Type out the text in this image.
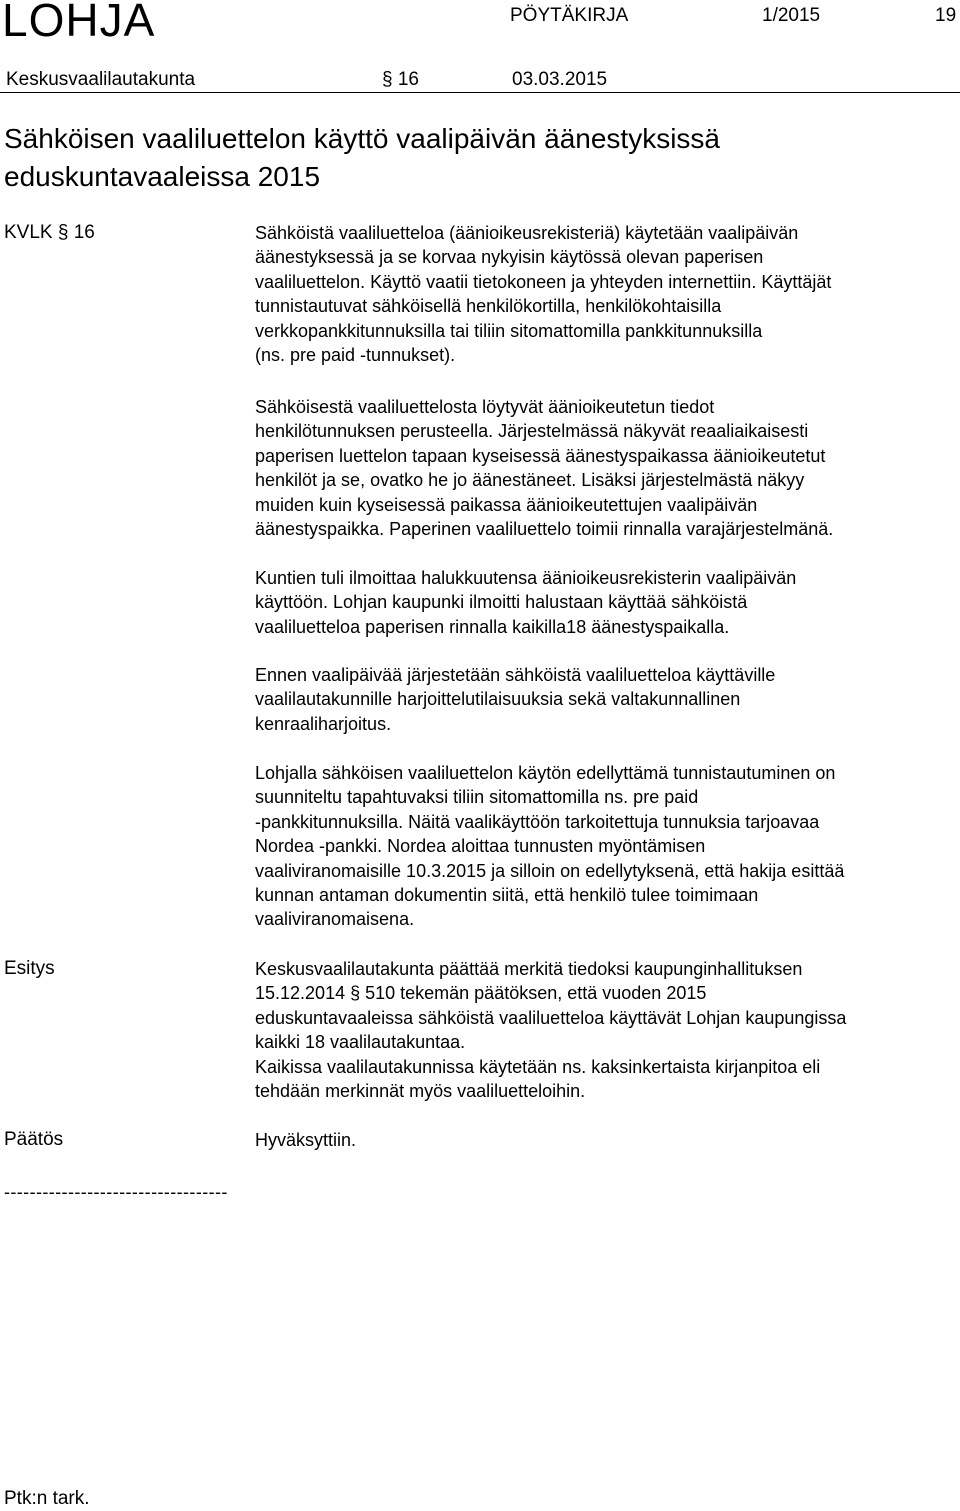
LOHJA	PÖYTÄKIRJA	1/2015	19
Keskusvaalilautakunta	§ 16	03.03.2015
Sähköisen vaaliluettelon käyttö vaalipäivän äänestyksissä
eduskuntavaaleissa 2015
KVLK § 16	Sähköistä vaaliluetteloa (äänioikeusrekisteriä) käytetään vaalipäivän
äänestyksessä ja se korvaa nykyisin käytössä olevan paperisen
vaaliluettelon. Käyttö vaatii tietokoneen ja yhteyden internettiin. Käyttäjät
tunnistautuvat sähköisellä henkilökortilla, henkilökohtaisilla
verkkopankkitunnuksilla tai tiliin sitomattomilla pankkitunnuksilla
(ns. pre paid -tunnukset).

Sähköisestä vaaliluettelosta löytyvät äänioikeutetun tiedot
henkilötunnuksen perusteella. Järjestelmässä näkyvät reaaliaikaisesti
paperisen luettelon tapaan kyseisessä äänestyspaikassa äänioikeutetut
henkilöt ja se, ovatko he jo äänestäneet. Lisäksi järjestelmästä näkyy
muiden kuin kyseisessä paikassa äänioikeutettujen vaalipäivän
äänestyspaikka. Paperinen vaaliluettelo toimii rinnalla varajärjestelmänä.

Kuntien tuli ilmoittaa halukkuutensa äänioikeusrekisterin vaalipäivän
käyttöön. Lohjan kaupunki ilmoitti halustaan käyttää sähköistä
vaaliluetteloa paperisen rinnalla kaikilla18 äänestyspaikalla.

Ennen vaalipäivää järjestetään sähköistä vaaliluetteloa käyttäville
vaalilautakunnille harjoittelutilaisuuksia sekä valtakunnallinen
kenraaliharjoitus.

Lohjalla sähköisen vaaliluettelon käytön edellyttämä tunnistautuminen on
suunniteltu tapahtuvaksi tiliin sitomattomilla ns. pre paid
-pankkitunnuksilla. Näitä vaalikäyttöön tarkoitettuja tunnuksia tarjoavaa
Nordea -pankki. Nordea aloittaa tunnusten myöntämisen
vaaliviranomaisille 10.3.2015 ja silloin on edellytyksenä, että hakija esittää
kunnan antaman dokumentin siitä, että henkilö tulee toimimaan
vaaliviranomaisena.

Esitys	Keskusvaalilautakunta päättää merkitä tiedoksi kaupunginhallituksen
15.12.2014 § 510 tekemän päätöksen, että vuoden 2015
eduskuntavaaleissa sähköistä vaaliluetteloa käyttävät Lohjan kaupungissa
kaikki 18 vaalilautakuntaa.
Kaikissa vaalilautakunnissa käytetään ns. kaksinkertaista kirjanpitoa eli
tehdään merkinnät myös vaaliluetteloihin.

Päätös	Hyväksyttiin.

-----------------------------------
Ptk:n tark.
